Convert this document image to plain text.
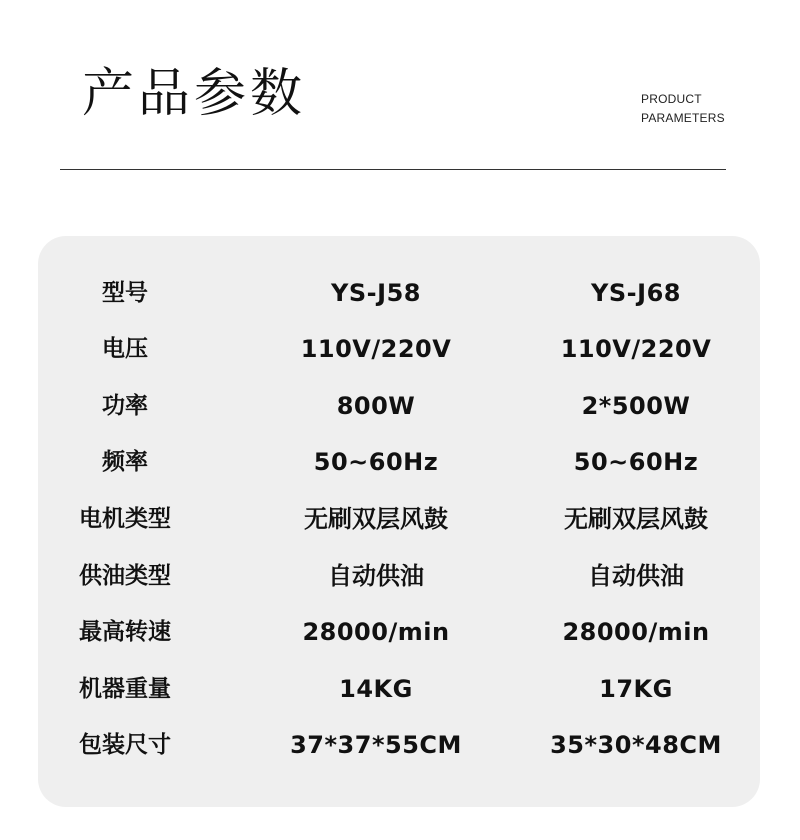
产品参数	PRODUCT
PARAMETERS
型号	YS-J58	YS-J68
电压	110V/220V	110V/220V
功率	800W	2*500W
频率	50~60Hz	50~60Hz
电机类型	无刷双层风鼓	无刷双层风鼓
供油类型	自动供油	自动供油
最高转速	28000/min	28000/min
机器重量	14KG	17KG
包装尺寸	37*37*55CM	35*30*48CM
